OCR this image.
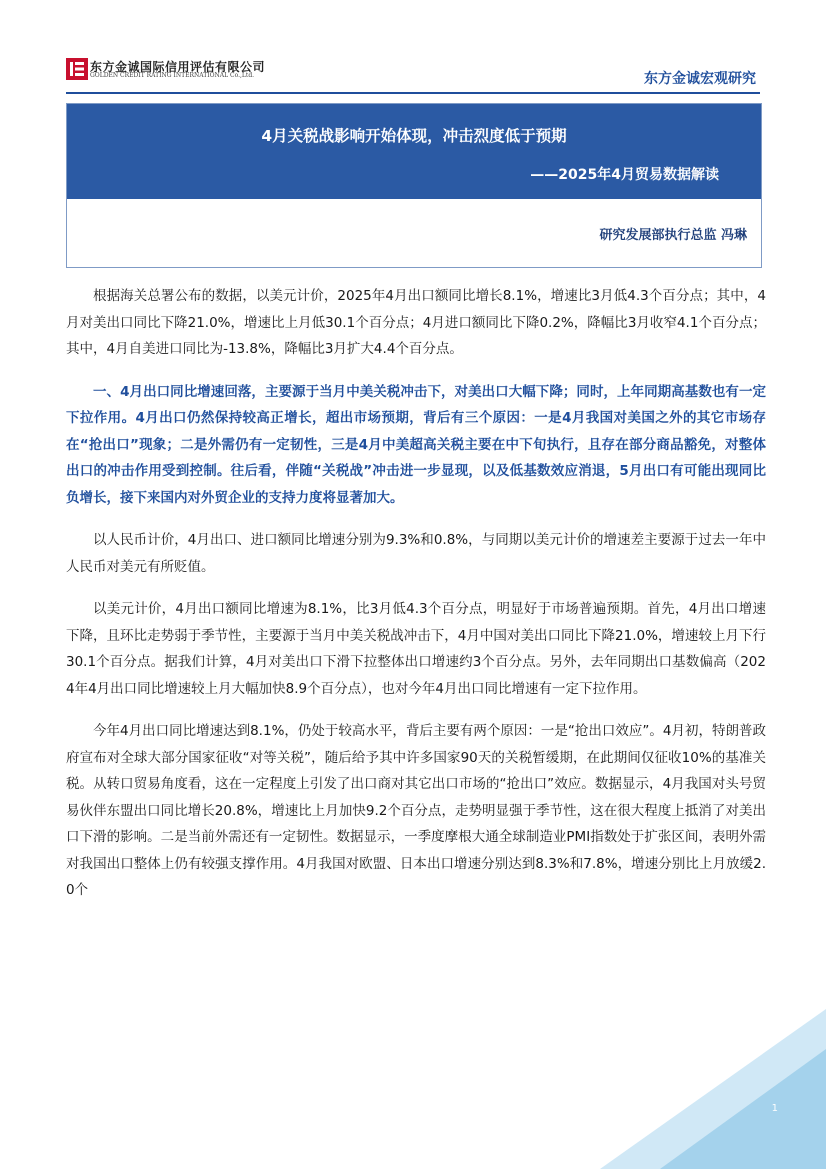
东方金诚国际信用评估有限公司
GOLDEN CREDIT RATING INTERNATIONAL Co.,Ltd.	东方金诚宏观研究
4月关税战影响开始体现，冲击烈度低于预期
——2025年4月贸易数据解读
研究发展部执行总监 冯琳

根据海关总署公布的数据，以美元计价，2025年4月出口额同比增长8.1%，增速比3月低4.3个百分点；其中，4月对美出口同比下降21.0%，增速比上月低30.1个百分点；4月进口额同比下降0.2%，降幅比3月收窄4.1个百分点；其中，4月自美进口同比为-13.8%，降幅比3月扩大4.4个百分点。

一、4月出口同比增速回落，主要源于当月中美关税冲击下，对美出口大幅下降；同时，上年同期高基数也有一定下拉作用。4月出口仍然保持较高正增长，超出市场预期，背后有三个原因：一是4月我国对美国之外的其它市场存在“抢出口”现象；二是外需仍有一定韧性，三是4月中美超高关税主要在中下旬执行，且存在部分商品豁免，对整体出口的冲击作用受到控制。往后看，伴随“关税战”冲击进一步显现，以及低基数效应消退，5月出口有可能出现同比负增长，接下来国内对外贸企业的支持力度将显著加大。

以人民币计价，4月出口、进口额同比增速分别为9.3%和0.8%，与同期以美元计价的增速差主要源于过去一年中人民币对美元有所贬值。

以美元计价，4月出口额同比增速为8.1%，比3月低4.3个百分点，明显好于市场普遍预期。首先，4月出口增速下降，且环比走势弱于季节性，主要源于当月中美关税战冲击下，4月中国对美出口同比下降21.0%，增速较上月下行30.1个百分点。据我们计算，4月对美出口下滑下拉整体出口增速约3个百分点。另外，去年同期出口基数偏高（2024年4月出口同比增速较上月大幅加快8.9个百分点），也对今年4月出口同比增速有一定下拉作用。

今年4月出口同比增速达到8.1%，仍处于较高水平，背后主要有两个原因：一是“抢出口效应”。4月初，特朗普政府宣布对全球大部分国家征收“对等关税”，随后给予其中许多国家90天的关税暂缓期，在此期间仅征收10%的基准关税。从转口贸易角度看，这在一定程度上引发了出口商对其它出口市场的“抢出口”效应。数据显示，4月我国对头号贸易伙伴东盟出口同比增长20.8%，增速比上月加快9.2个百分点，走势明显强于季节性，这在很大程度上抵消了对美出口下滑的影响。二是当前外需还有一定韧性。数据显示，一季度摩根大通全球制造业PMI指数处于扩张区间，表明外需对我国出口整体上仍有较强支撑作用。4月我国对欧盟、日本出口增速分别达到8.3%和7.8%，增速分别比上月放缓2.0个

1
